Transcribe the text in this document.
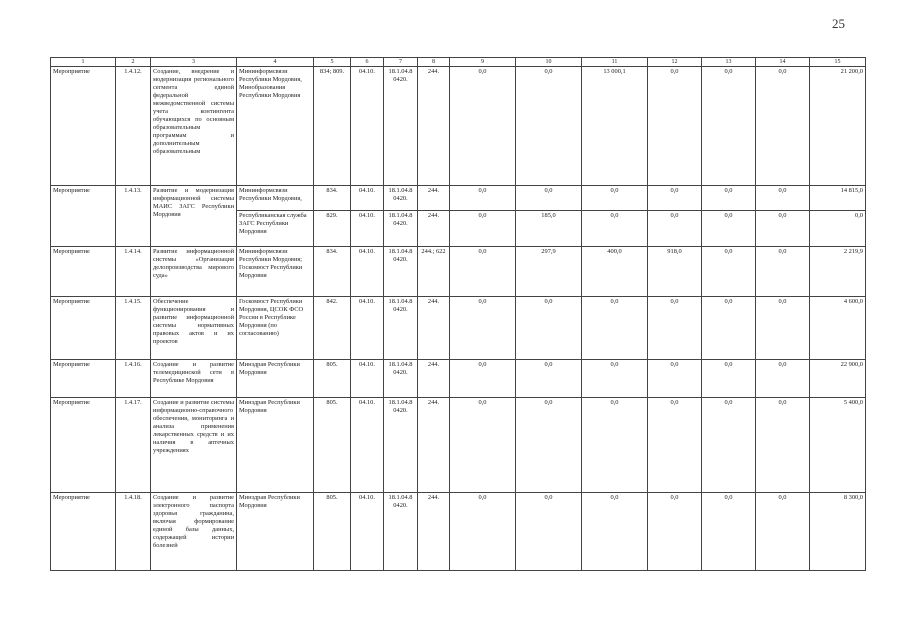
25
1	2	3	4	5	6	7	8	9	10	11	12	13	14	15
Мероприятие	1.4.12.	Создание, внедрение и модернизация регионального сегмента единой федеральной межведомственной системы учета контингента обучающихся по основным образовательным программам и дополнительным образовательным	Мининформсвязи Республики Мордовия, Минобразования Республики Мордовия	834; 809.	04.10.	18.1.04.8 0420.	244.	0,0	0,0	13 000,1	0,0	0,0	0,0	21 200,0
Мероприятие	1.4.13.	Развитие и модернизация информационной системы МАИС ЗАГС Республики Мордовия	Мининформсвязи Республики Мордовия,	834.	04.10.	18.1.04.8 0420.	244.	0,0	0,0	0,0	0,0	0,0	0,0	14 815,0
			Республиканская служба ЗАГС Республики Мордовия	829.	04.10.	18.1.04.8 0420.	244.	0,0	185,0	0,0	0,0	0,0	0,0	0,0
Мероприятие	1.4.14.	Развитие информационной системы «Организация делопроизводства мирового суда»	Мининформсвязи Республики Мордовия; Госкомюст Республики Мордовия	834.	04.10.	18.1.04.8 0420.	244.; 622	0,0	297,9	400,0	918,0	0,0	0,0	2 219,9
Мероприятие	1.4.15.	Обеспечение функционирования и развитие информационной системы нормативных правовых актов и их проектов	Госкомюст Республики Мордовия, ЦСОК ФСО России в Республике Мордовия (по согласованию)	842.	04.10.	18.1.04.8 0420.	244.	0,0	0,0	0,0	0,0	0,0	0,0	4 600,0
Мероприятие	1.4.16.	Создание и развитие телемедицинской сети в Республике Мордовия	Минздрав Республики Мордовия	805.	04.10.	18.1.04.8 0420.	244.	0,0	0,0	0,0	0,0	0,0	0,0	22 900,0
Мероприятие	1.4.17.	Создание и развитие системы информационно-справочного обеспечения, мониторинга и анализа применения лекарственных средств и их наличия в аптечных учреждениях	Минздрав Республики Мордовия	805.	04.10.	18.1.04.8 0420.	244.	0,0	0,0	0,0	0,0	0,0	0,0	5 400,0
Мероприятие	1.4.18.	Создание и развитие электронного паспорта здоровья гражданина, включая формирование единой базы данных, содержащей истории болезней	Минздрав Республики Мордовия	805.	04.10.	18.1.04.8 0420.	244.	0,0	0,0	0,0	0,0	0,0	0,0	8 300,0
